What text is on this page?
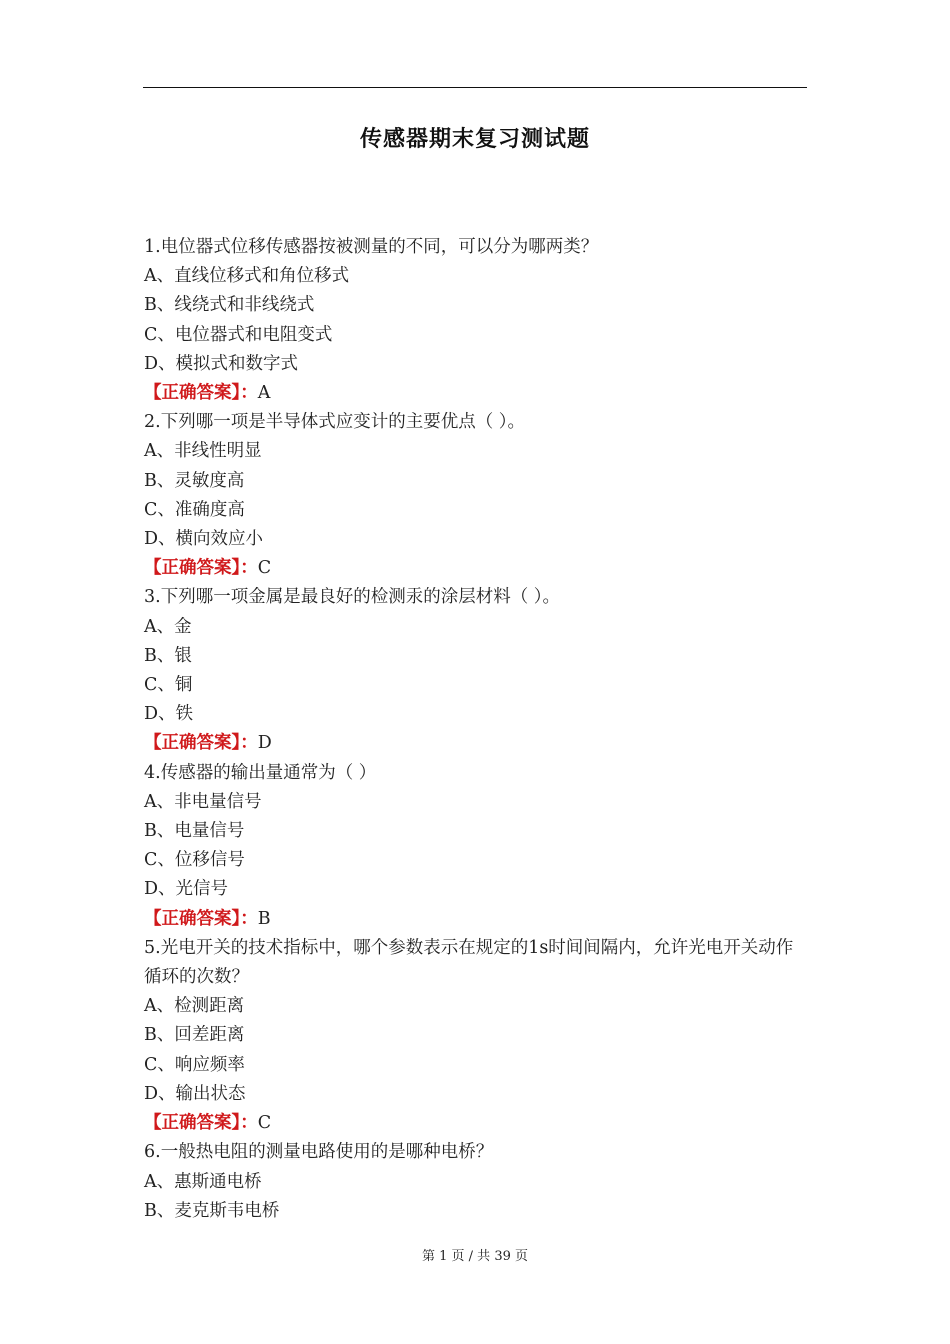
传感器期末复习测试题
1.电位器式位移传感器按被测量的不同，可以分为哪两类？
A、直线位移式和角位移式
B、线绕式和非线绕式
C、电位器式和电阻变式
D、模拟式和数字式
【正确答案】：A
2.下列哪一项是半导体式应变计的主要优点（ ）。
A、非线性明显
B、灵敏度高
C、准确度高
D、横向效应小
【正确答案】：C
3.下列哪一项金属是最良好的检测汞的涂层材料（ ）。
A、金
B、银
C、铜
D、铁
【正确答案】：D
4.传感器的输出量通常为（ ）
A、非电量信号
B、电量信号
C、位移信号
D、光信号
【正确答案】：B
5.光电开关的技术指标中，哪个参数表示在规定的1s时间间隔内，允许光电开关动作循环的次数？
A、检测距离
B、回差距离
C、响应频率
D、输出状态
【正确答案】：C
6.一般热电阻的测量电路使用的是哪种电桥？
A、惠斯通电桥
B、麦克斯韦电桥
第 1 页 / 共 39 页
